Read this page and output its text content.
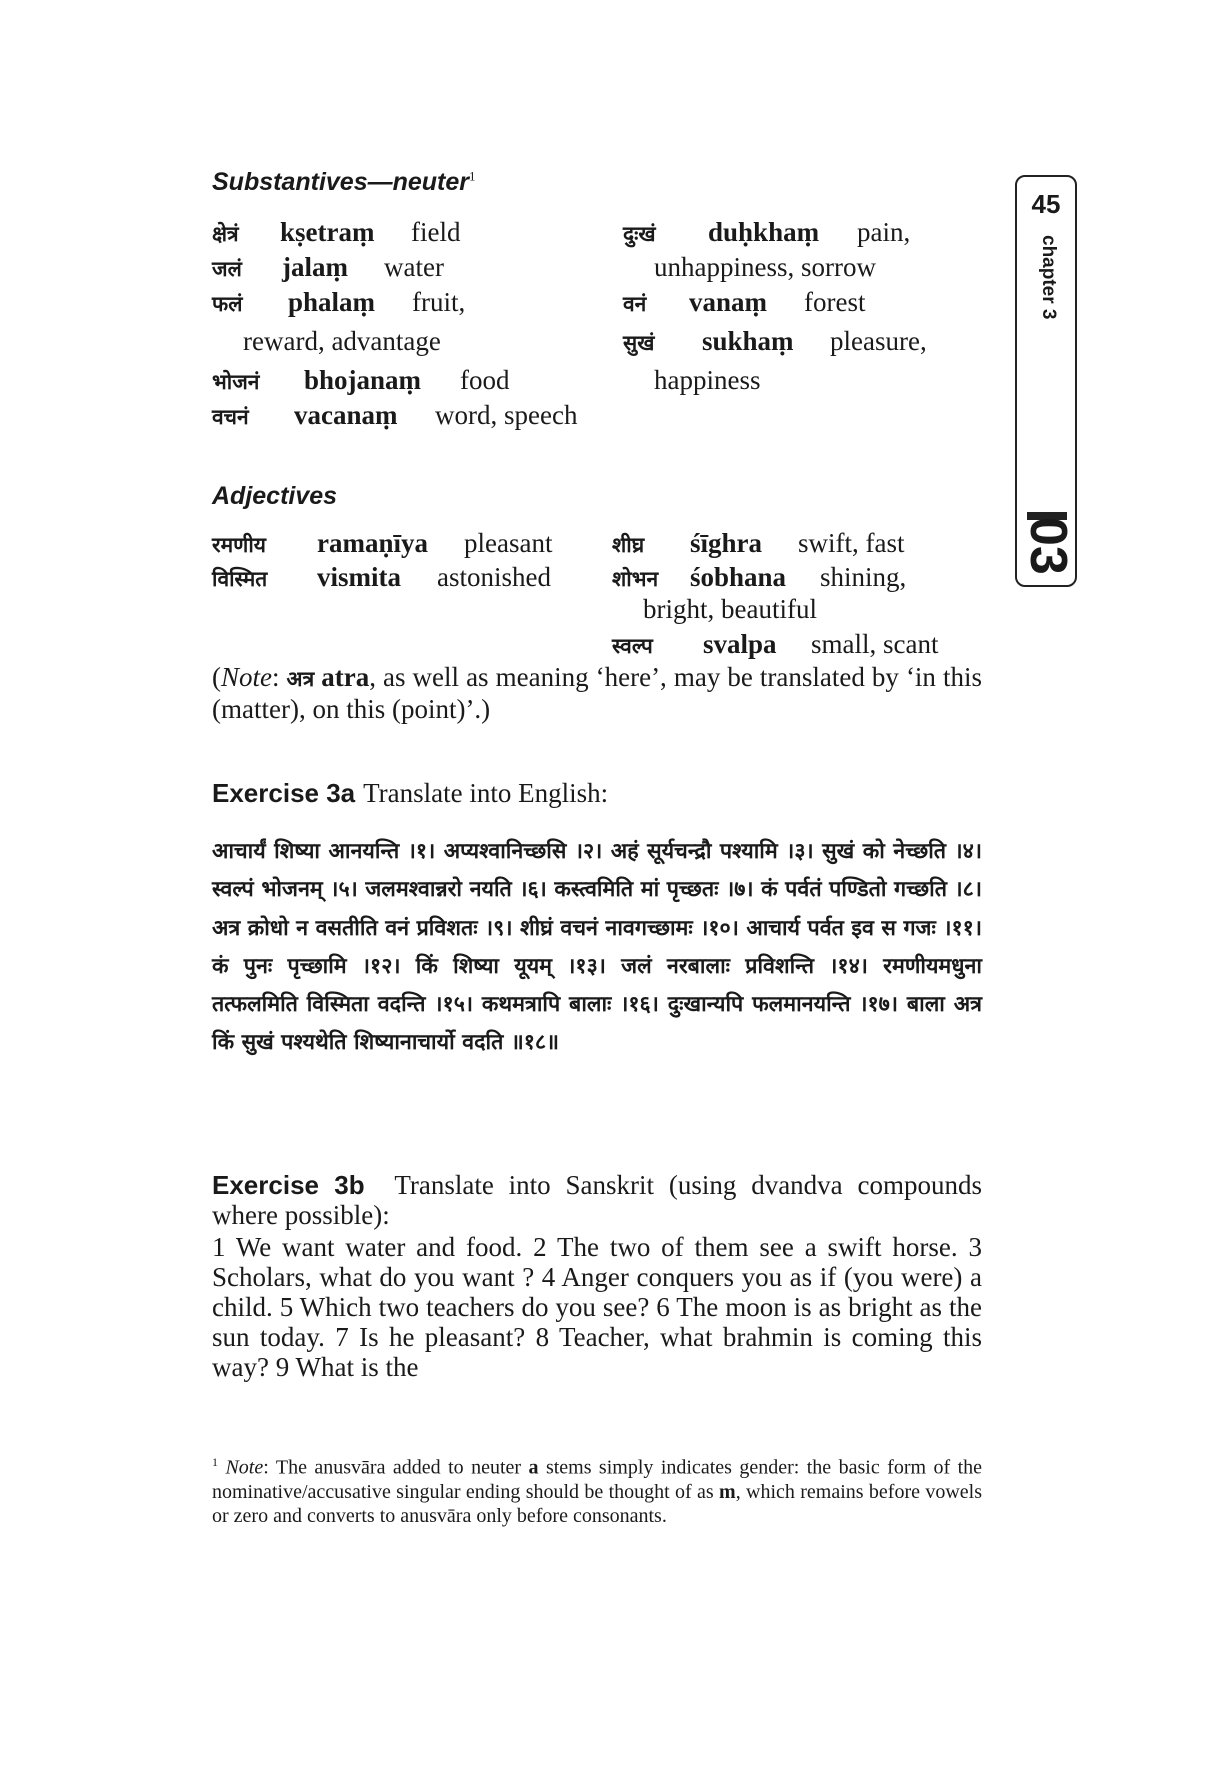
45
chapter 3
03
Substantives—neuter$^1$
क्षेत्रं kṣetraṃ field
जलं jalaṃ water
फलं phalaṃ fruit,
reward, advantage
भोजनं bhojanaṃ food
वचनं vacanaṃ word, speech
दुःखं duḥkhaṃ pain,
unhappiness, sorrow
वनं vanaṃ forest
सुखं sukhaṃ pleasure,
happiness
Adjectives
रमणीय ramaṇīya pleasant
विस्मित vismita astonished
शीघ्र śīghra swift, fast
शोभन śobhana shining,
bright, beautiful
स्वल्प svalpa small, scant
(Note: अत्र atra, as well as meaning ‘here’, may be translated by ‘in this (matter), on this (point)’.)
Exercise 3a Translate into English:
आचार्यं शिष्या आनयन्ति ।१। अप्यश्वानिच्छसि ।२। अहं सूर्यचन्द्रौ पश्यामि ।३। सुखं को नेच्छति ।४। स्वल्पं भोजनम् ।५। जलमश्वान्नरो नयति ।६। कस्त्वमिति मां पृच्छतः ।७। कं पर्वतं पण्डितो गच्छति ।८। अत्र क्रोधो न वसतीति वनं प्रविशतः ।९। शीघ्रं वचनं नावगच्छामः ।१०। आचार्य पर्वत इव स गजः ।११। कं पुनः पृच्छामि ।१२। किं शिष्या यूयम् ।१३। जलं नरबालाः प्रविशन्ति ।१४। रमणीयमधुना तत्फलमिति विस्मिता वदन्ति ।१५। कथमत्रापि बालाः ।१६। दुःखान्यपि फलमानयन्ति ।१७। बाला अत्र किं सुखं पश्यथेति शिष्यानाचार्यो वदति ॥१८॥
Exercise 3b Translate into Sanskrit (using dvandva compounds where possible):
1 We want water and food. 2 The two of them see a swift horse. 3 Scholars, what do you want ? 4 Anger conquers you as if (you were) a child. 5 Which two teachers do you see? 6 The moon is as bright as the sun today. 7 Is he pleasant? 8 Teacher, what brahmin is coming this way? 9 What is the
$^1$ Note: The anusvāra added to neuter a stems simply indicates gender: the basic form of the nominative/accusative singular ending should be thought of as m, which remains before vowels or zero and converts to anusvāra only before consonants.
